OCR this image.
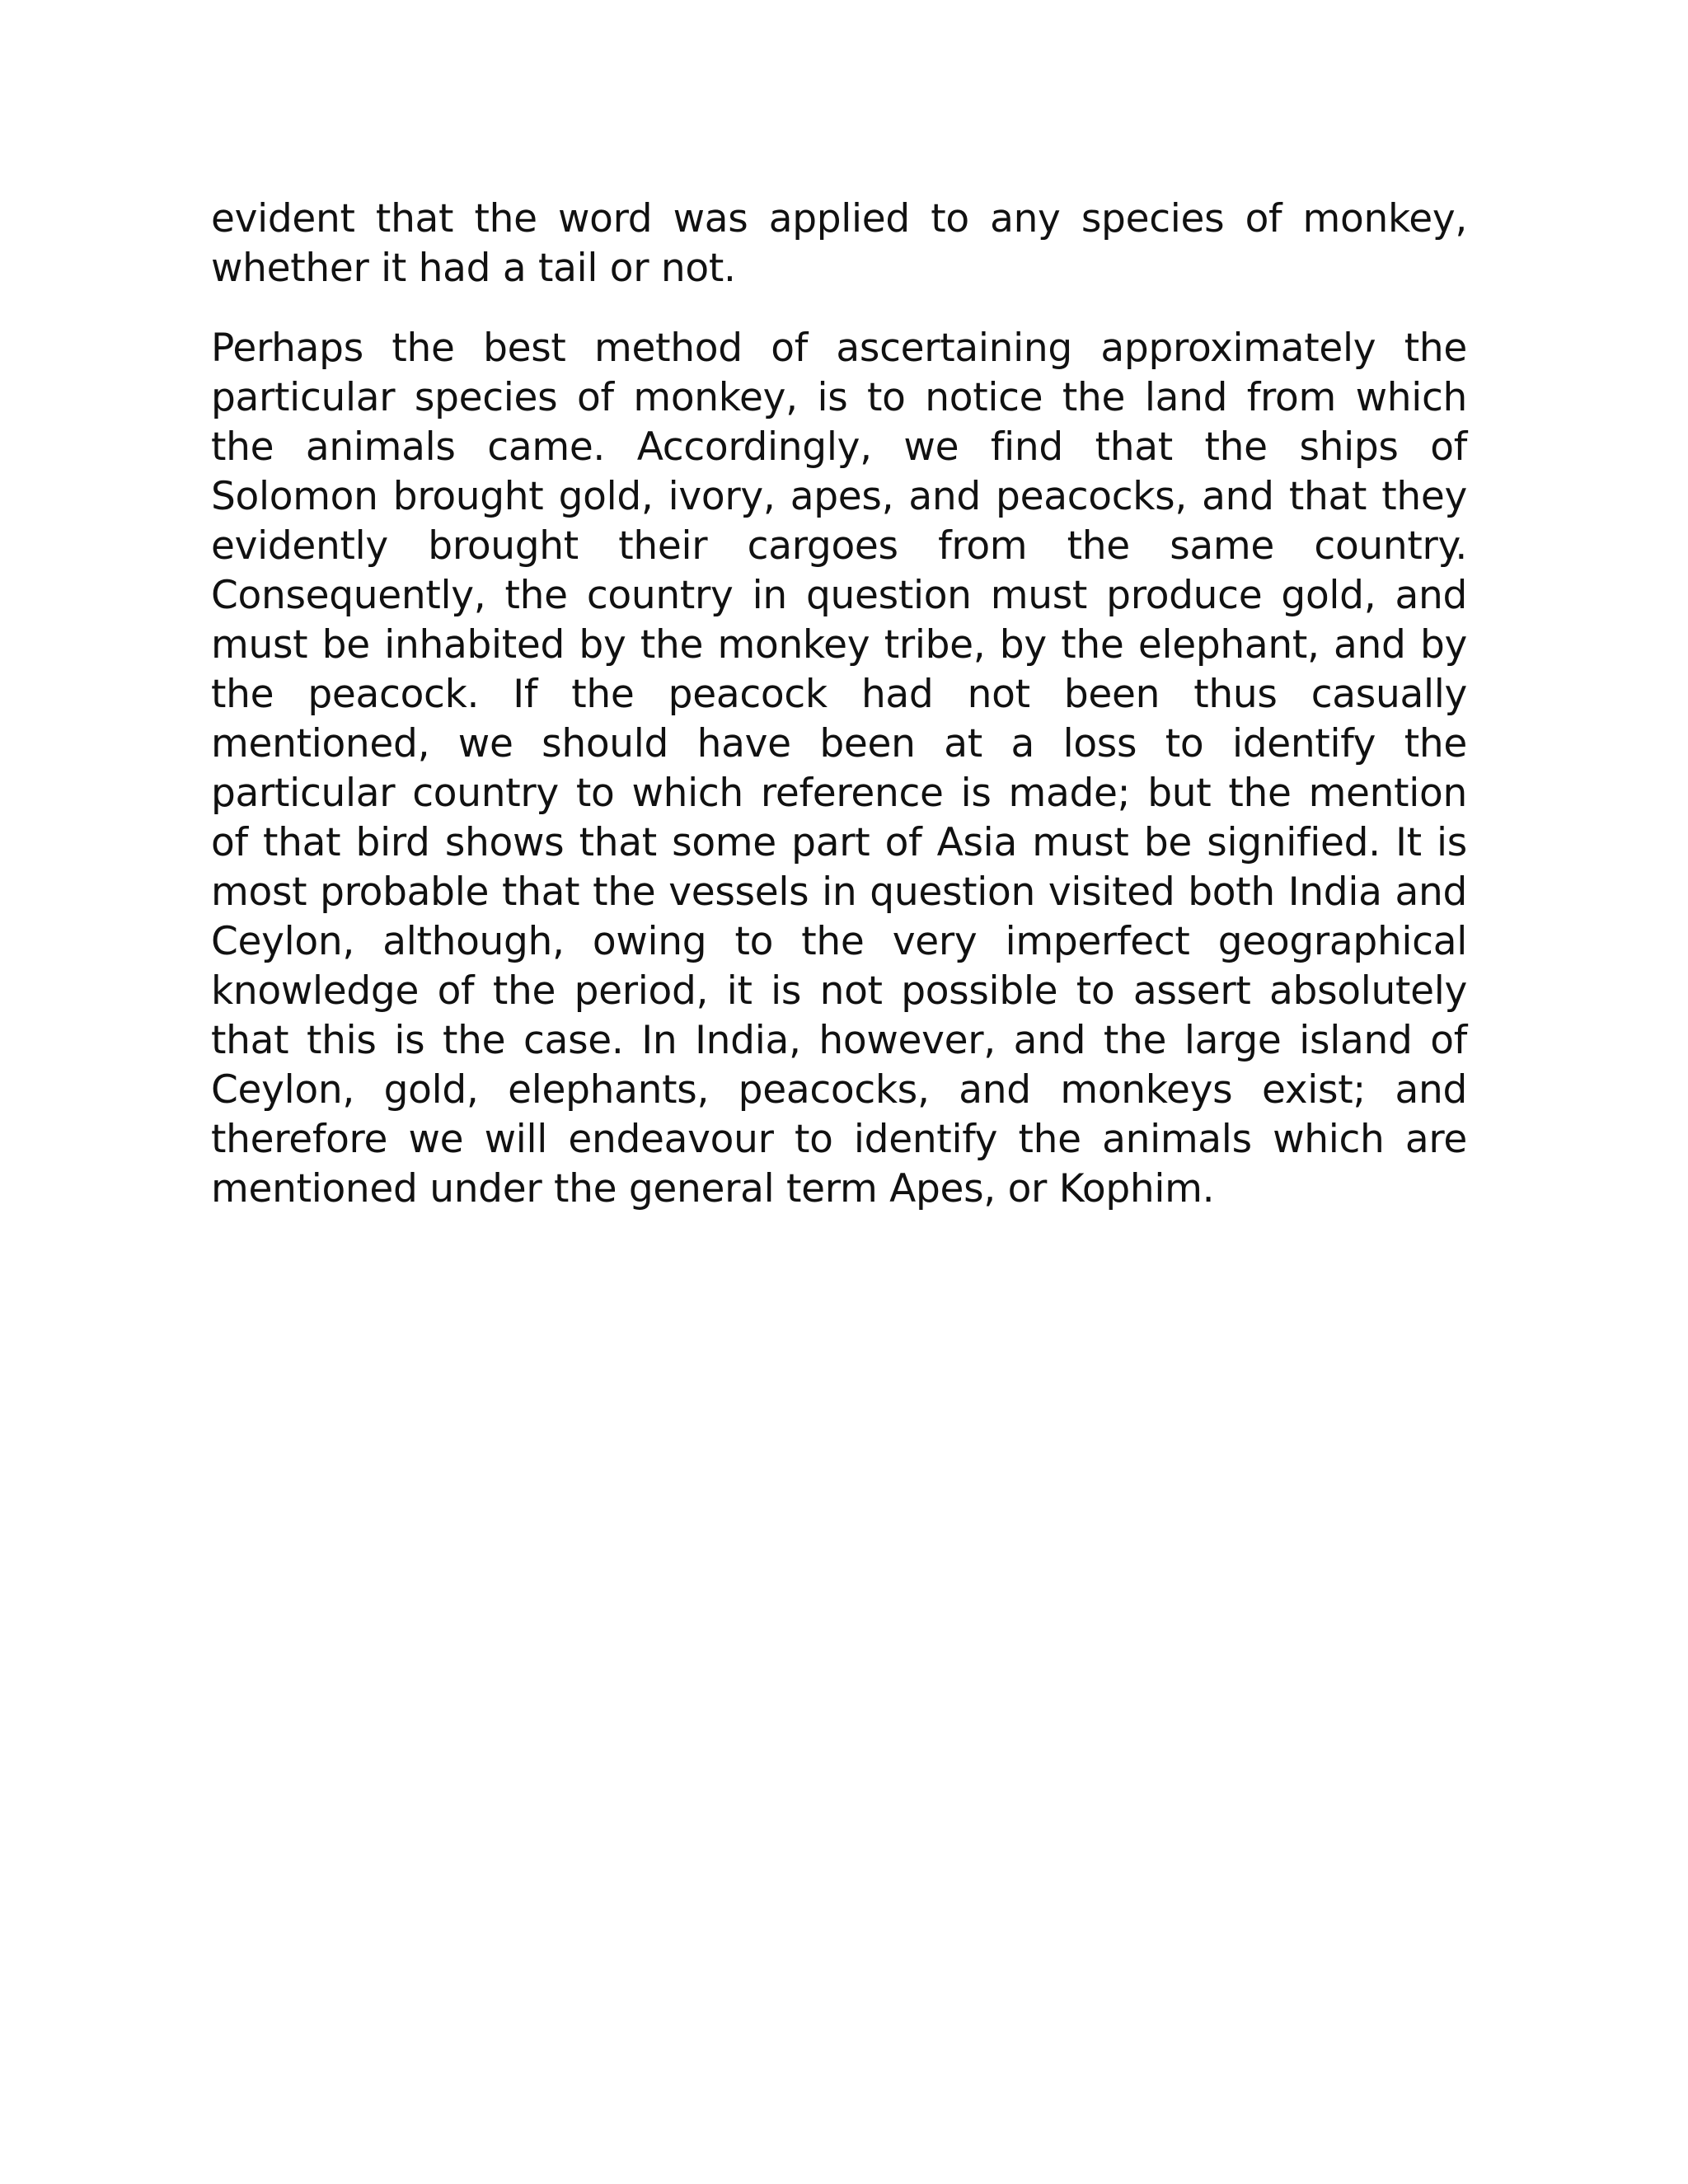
evident that the word was applied to any species of monkey, whether it had a tail or not.

Perhaps the best method of ascertaining approximately the particular species of monkey, is to notice the land from which the animals came. Accordingly, we find that the ships of Solomon brought gold, ivory, apes, and peacocks, and that they evidently brought their cargoes from the same country. Consequently, the country in question must produce gold, and must be inhabited by the monkey tribe, by the elephant, and by the peacock. If the peacock had not been thus casually mentioned, we should have been at a loss to identify the particular country to which reference is made; but the mention of that bird shows that some part of Asia must be signified. It is most probable that the vessels in question visited both India and Ceylon, although, owing to the very imperfect geographical knowledge of the period, it is not possible to assert absolutely that this is the case. In India, however, and the large island of Ceylon, gold, elephants, peacocks, and monkeys exist; and therefore we will endeavour to identify the animals which are mentioned under the general term Apes, or Kophim.
